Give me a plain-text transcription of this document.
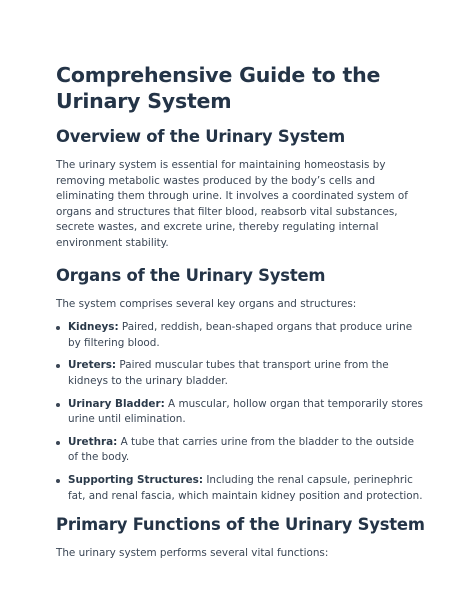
Comprehensive Guide to the Urinary System
Overview of the Urinary System

The urinary system is essential for maintaining homeostasis by removing metabolic wastes produced by the body’s cells and eliminating them through urine. It involves a coordinated system of organs and structures that filter blood, reabsorb vital substances, secrete wastes, and excrete urine, thereby regulating internal environment stability.

Organs of the Urinary System

The system comprises several key organs and structures:

Kidneys: Paired, reddish, bean-shaped organs that produce urine by filtering blood.
Ureters: Paired muscular tubes that transport urine from the kidneys to the urinary bladder.
Urinary Bladder: A muscular, hollow organ that temporarily stores urine until elimination.
Urethra: A tube that carries urine from the bladder to the outside of the body.
Supporting Structures: Including the renal capsule, perinephric fat, and renal fascia, which maintain kidney position and protection.
Primary Functions of the Urinary System

The urinary system performs several vital functions:
